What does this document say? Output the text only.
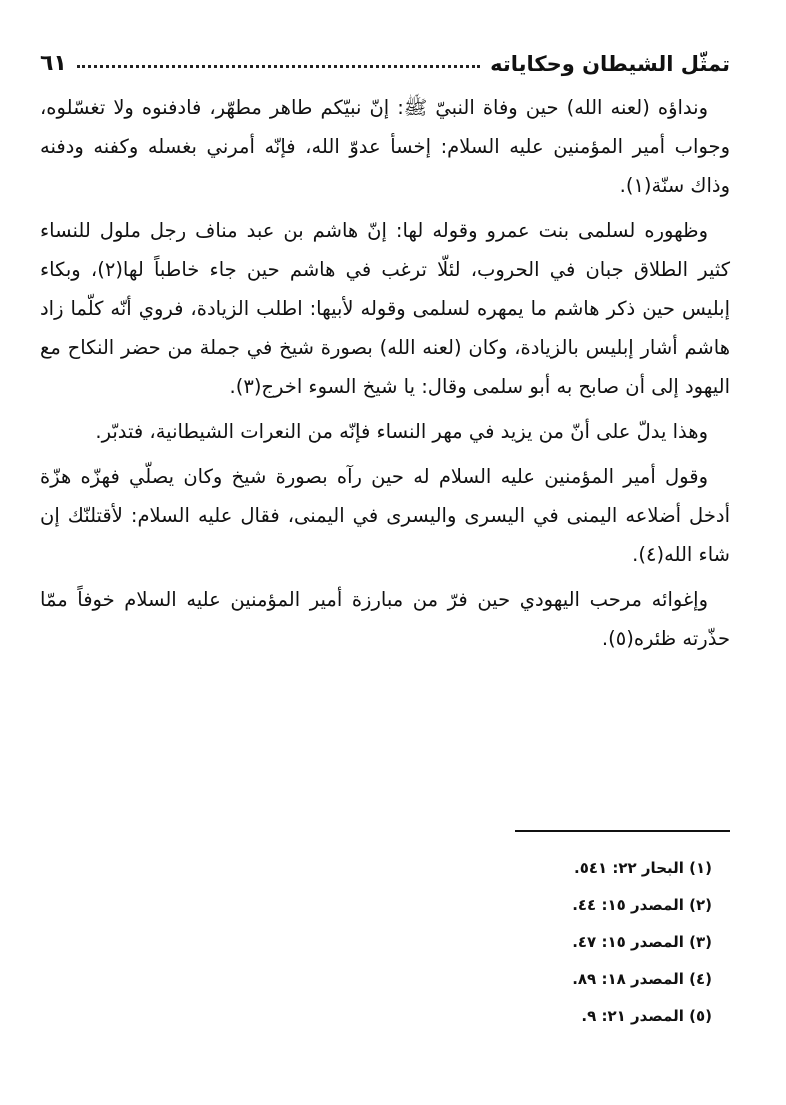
تمثّل الشيطان وحكاياته
٦١

ونداؤه (لعنه الله) حين وفاة النبيّ ﷺ: إنّ نبيّكم طاهر مطهّر، فادفنوه ولا تغسّلوه، وجواب أمير المؤمنين عليه السلام: إخسأ عدوّ الله، فإنّه أمرني بغسله وكفنه ودفنه وذاك سنّة(١).

وظهوره لسلمى بنت عمرو وقوله لها: إنّ هاشم بن عبد مناف رجل ملول للنساء كثير الطلاق جبان في الحروب، لئلّا ترغب في هاشم حين جاء خاطباً لها(٢)، وبكاء إبليس حين ذكر هاشم ما يمهره لسلمى وقوله لأبيها: اطلب الزيادة، فروي أنّه كلّما زاد هاشم أشار إبليس بالزيادة، وكان (لعنه الله) بصورة شيخ في جملة من حضر النكاح مع اليهود إلى أن صابح به أبو سلمى وقال: يا شيخ السوء اخرج(٣).

وهذا يدلّ على أنّ من يزيد في مهر النساء فإنّه من النعرات الشيطانية، فتدبّر.

وقول أمير المؤمنين عليه السلام له حين رآه بصورة شيخ وكان يصلّي فهزّه هزّة أدخل أضلاعه اليمنى في اليسرى واليسرى في اليمنى، فقال عليه السلام: لأقتلنّك إن شاء الله(٤).

وإغوائه مرحب اليهودي حين فرّ من مبارزة أمير المؤمنين عليه السلام خوفاً ممّا حذّرته ظئره(٥).

(١) البحار ٢٢: ٥٤١.
(٢) المصدر ١٥: ٤٤.
(٣) المصدر ١٥: ٤٧.
(٤) المصدر ١٨: ٨٩.
(٥) المصدر ٢١: ٩.
